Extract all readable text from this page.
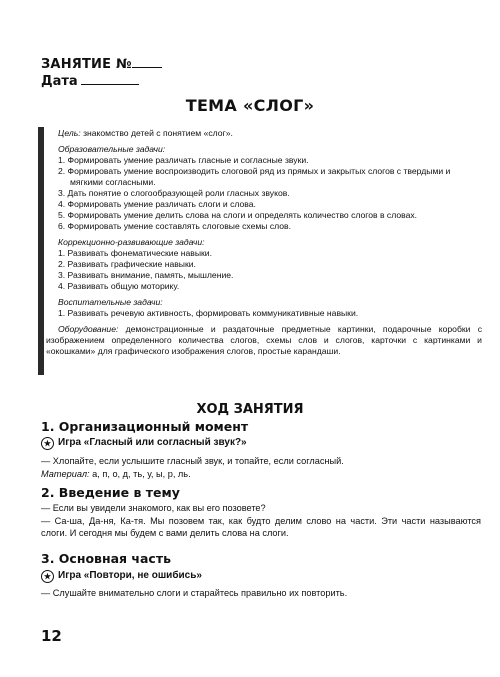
ЗАНЯТИЕ №
Дата
ТЕМА «СЛОГ»

Цель: знакомство детей с понятием «слог».

Образовательные задачи:

1. Формировать умение различать гласные и согласные звуки.
2. Формировать умение воспроизводить слоговой ряд из прямых и закрытых слогов с твердыми и мягкими согласными.
3. Дать понятие о слогообразующей роли гласных звуков.
4. Формировать умение различать слоги и слова.
5. Формировать умение делить слова на слоги и определять количество слогов в словах.
6. Формировать умение составлять слоговые схемы слов.

Коррекционно-развивающие задачи:

1. Развивать фонематические навыки.
2. Развивать графические навыки.
3. Развивать внимание, память, мышление.
4. Развивать общую моторику.

Воспитательные задачи:

1. Развивать речевую активность, формировать коммуникативные навыки.

Оборудование: демонстрационные и раздаточные предметные картинки, подарочные коробки с изображением определенного количества слогов, схемы слов и слогов, карточки с картинками и «окошками» для графического изображения слогов, простые карандаши.

ХОД ЗАНЯТИЯ
1. Организационный момент
★ Игра «Гласный или согласный звук?»
— Хлопайте, если услышите гласный звук, и топайте, если согласный.
Материал: а, п, о, д, ть, у, ы, р, ль.
2. Введение в тему
— Если вы увидели знакомого, как вы его позовете?
— Са-ша, Да-ня, Ка-тя. Мы позовем так, как будто делим слово на части. Эти части называются слоги. И сегодня мы будем с вами делить слова на слоги.
3. Основная часть
★ Игра «Повтори, не ошибись»
— Слушайте внимательно слоги и старайтесь правильно их повторить.
12
